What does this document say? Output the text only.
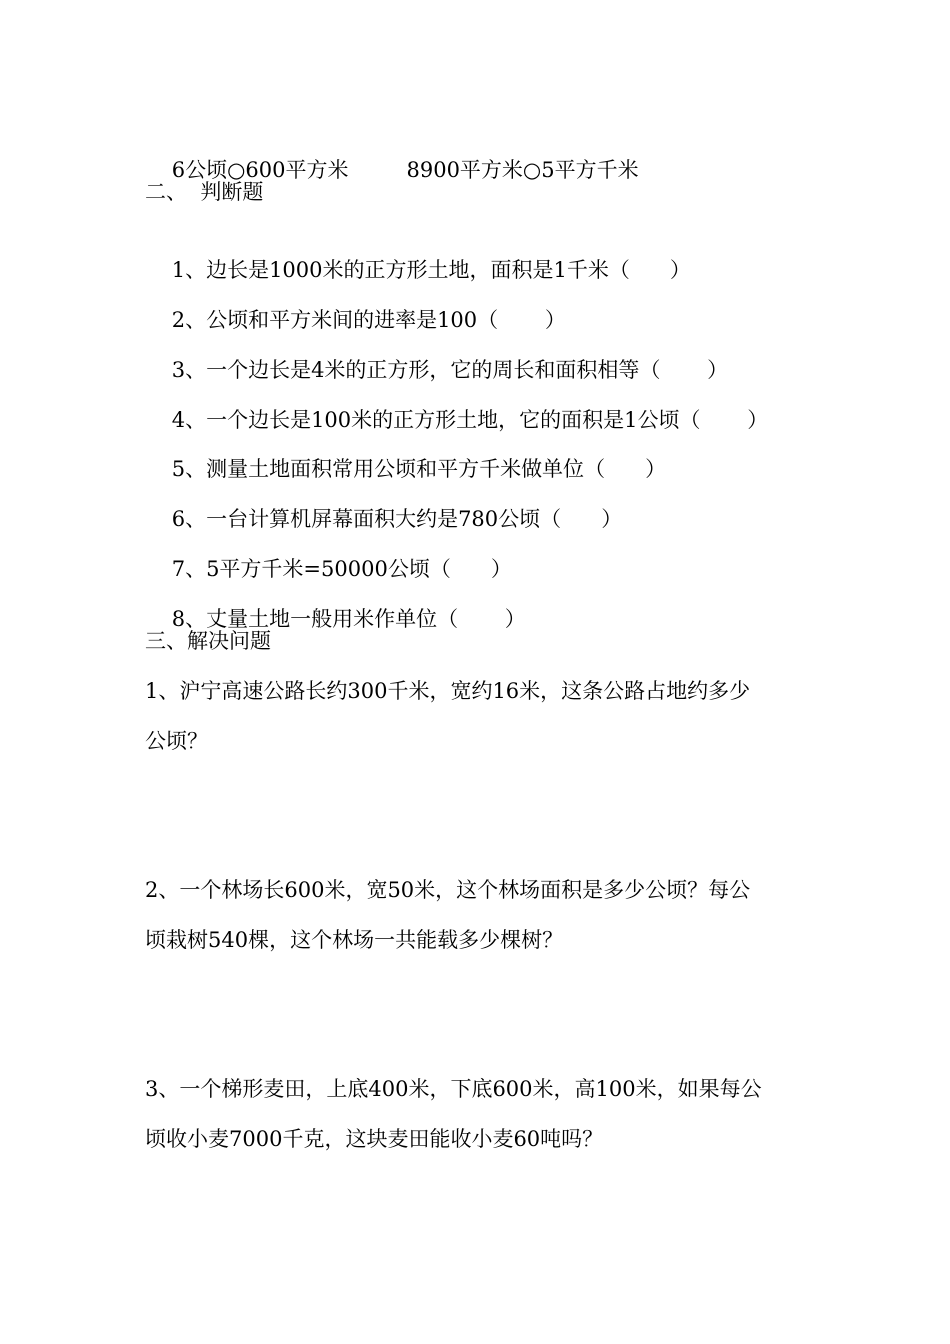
6公顷○600平方米	8900平方米○5平方千米

二、  判断题

1、边长是1000米的正方形土地，面积是1千米（      ）

2、公顷和平方米间的进率是100（       ）

3、一个边长是4米的正方形，它的周长和面积相等（       ）

4、一个边长是100米的正方形土地，它的面积是1公顷（       ）

5、测量土地面积常用公顷和平方千米做单位（      ）

6、一台计算机屏幕面积大约是780公顷（      ）

7、5平方千米=50000公顷（      ）

8、丈量土地一般用米作单位（       ）

三、解决问题
1、沪宁高速公路长约300千米，宽约16米，这条公路占地约多少
公顷？
2、一个林场长600米，宽50米，这个林场面积是多少公顷？每公
顷栽树540棵，这个林场一共能载多少棵树？
3、一个梯形麦田，上底400米，下底600米，高100米，如果每公
顷收小麦7000千克，这块麦田能收小麦60吨吗？
